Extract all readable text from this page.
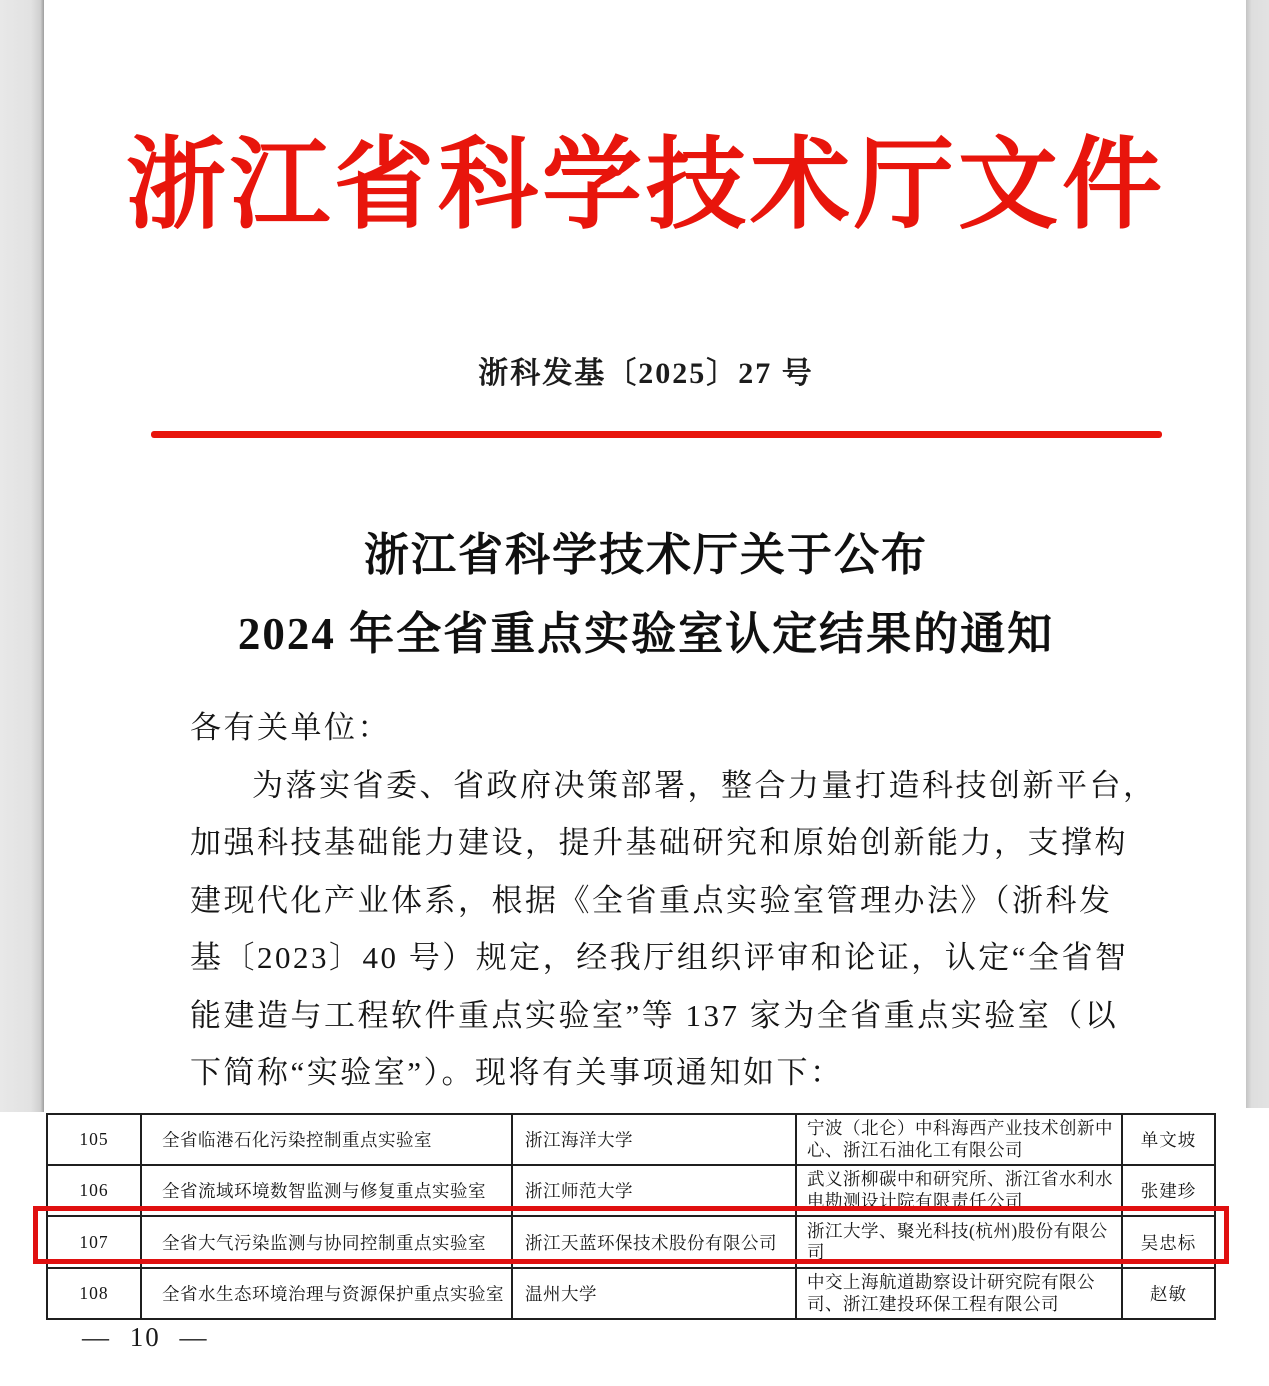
浙江省科学技术厅文件
浙科发基〔2025〕27 号
浙江省科学技术厅关于公布
2024 年全省重点实验室认定结果的通知
各有关单位：
为落实省委、省政府决策部署，整合力量打造科技创新平台，
加强科技基础能力建设，提升基础研究和原始创新能力，支撑构
建现代化产业体系，根据《全省重点实验室管理办法》（浙科发
基〔2023〕40 号）规定，经我厅组织评审和论证，认定“全省智
能建造与工程软件重点实验室”等 137 家为全省重点实验室（以
下简称“实验室”）。现将有关事项通知如下：
105	全省临港石化污染控制重点实验室	浙江海洋大学	宁波（北仑）中科海西产业技术创新中心、浙江石油化工有限公司	单文坡
106	全省流域环境数智监测与修复重点实验室	浙江师范大学	武义浙柳碳中和研究所、浙江省水利水电勘测设计院有限责任公司	张建珍
107	全省大气污染监测与协同控制重点实验室	浙江天蓝环保技术股份有限公司	浙江大学、聚光科技(杭州)股份有限公司	吴忠标
108	全省水生态环境治理与资源保护重点实验室	温州大学	中交上海航道勘察设计研究院有限公司、浙江建投环保工程有限公司	赵敏
— 10 —
